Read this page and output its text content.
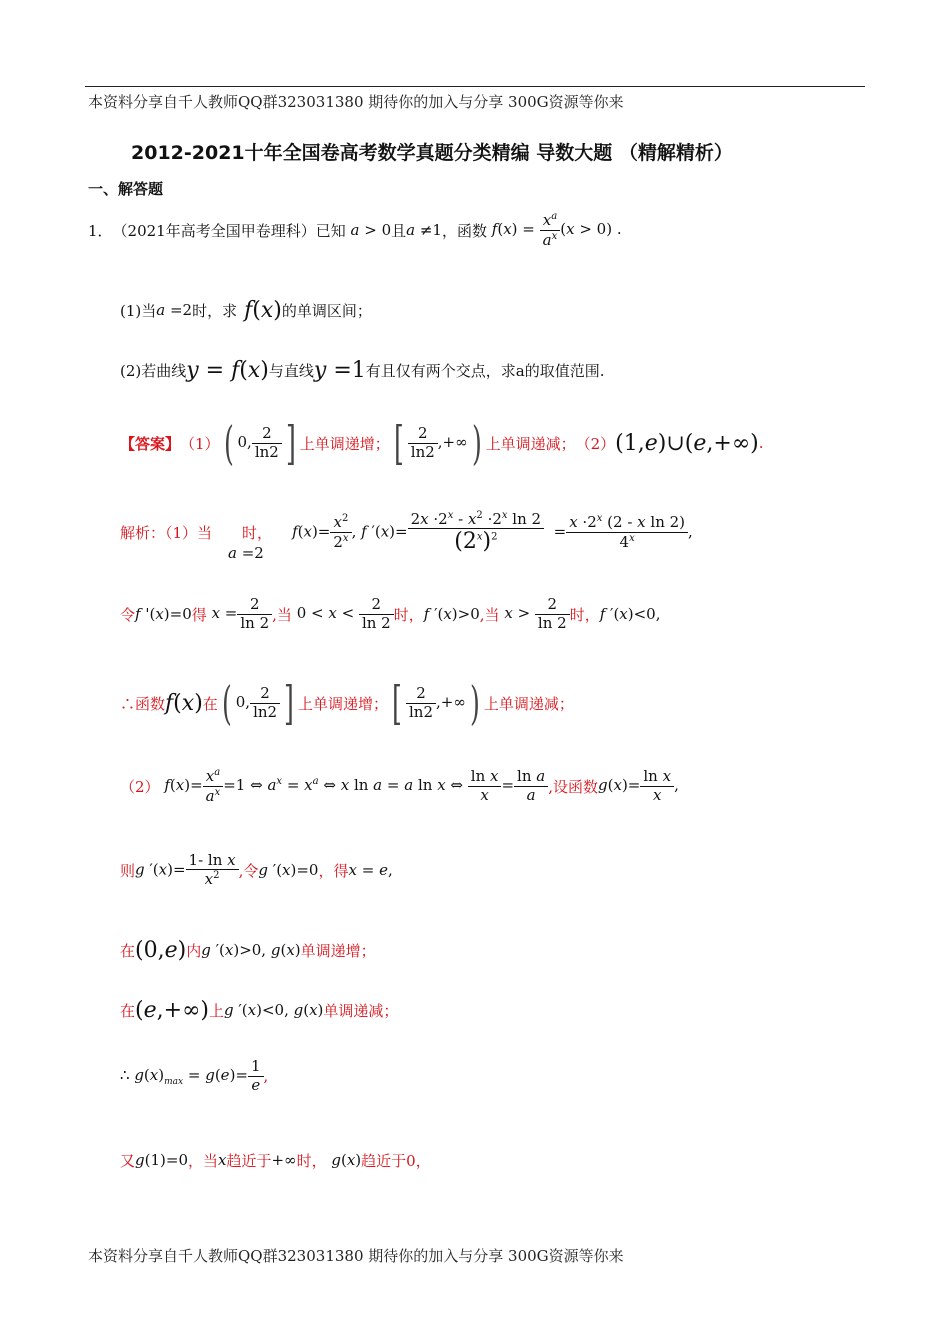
本资料分享自千人教师QQ群323031380 期待你的加入与分享 300G资源等你来
2012-2021十年全国卷高考数学真题分类精编 导数大题 （精解精析）
一、解答题
1． （2021年高考全国甲卷理科）已知 a > 0 且 a ≠1 ，函数 $f(x) = \frac{x^a}{a^x} (x > 0)$ .
(1)当 a =2 时，求 f(x) 的单调区间；
(2)若曲线 y = f(x) 与直线 y =1 有且仅有两个交点，求a的取值范围.
【答案】 （1） ( 0, $\frac{2}{\ln 2}$ ] 上单调递增； [ $\frac{2}{\ln 2}$ ,+∞) 上单调递减； （2） (1,e)∪(e,+∞) .
解析：（1）当 时， $f(x)= \frac{x^2}{2^x}$ , f $'(x)= \frac{2x \cdot 2^x - x^2 \cdot 2^x \ln 2}{(2^x)^2} = \frac{x \cdot 2^x (2 - x \ln 2)}{4^x}$ ,
a =2
令 f '(x)=0 得 $x = \frac{2}{\ln 2}$ ,当 $0 < x < \frac{2}{\ln 2}$ 时， f ′(x)>0 ,当 $x > \frac{2}{\ln 2}$ 时， f ′(x)<0,
∴函数 f(x) 在 ( 0, $\frac{2}{\ln 2}$ ] 上单调递增； [ $\frac{2}{\ln 2}$ ,+∞) 上单调递减；
（2） $f(x)= \frac{x^a}{a^x} =1$ ⇔ $a^x = x^a$ ⇔ x ln a = a ln x ⇔ $\frac{\text{ln x}}{x} = \frac{\text{ln a}}{a}$ ,设函数 $g(x)= \frac{\text{ln x}}{x}$ ,
则 g $'(x)= \frac{\text{1- ln x}}{x^2}$ ,令 g ′(x)=0 ，得 x = e,
在 (0,e) 内 g ′(x)>0, g(x) 单调递增；
在 (e,+∞) 上 g ′(x)<0, g(x) 单调递减；
∴ $g(x)_{max} = g(e)= \frac{1}{e}$ ,
又 g(1)=0 ，当 x 趋近于 +∞ 时， g(x) 趋近于0，
本资料分享自千人教师QQ群323031380 期待你的加入与分享 300G资源等你来
